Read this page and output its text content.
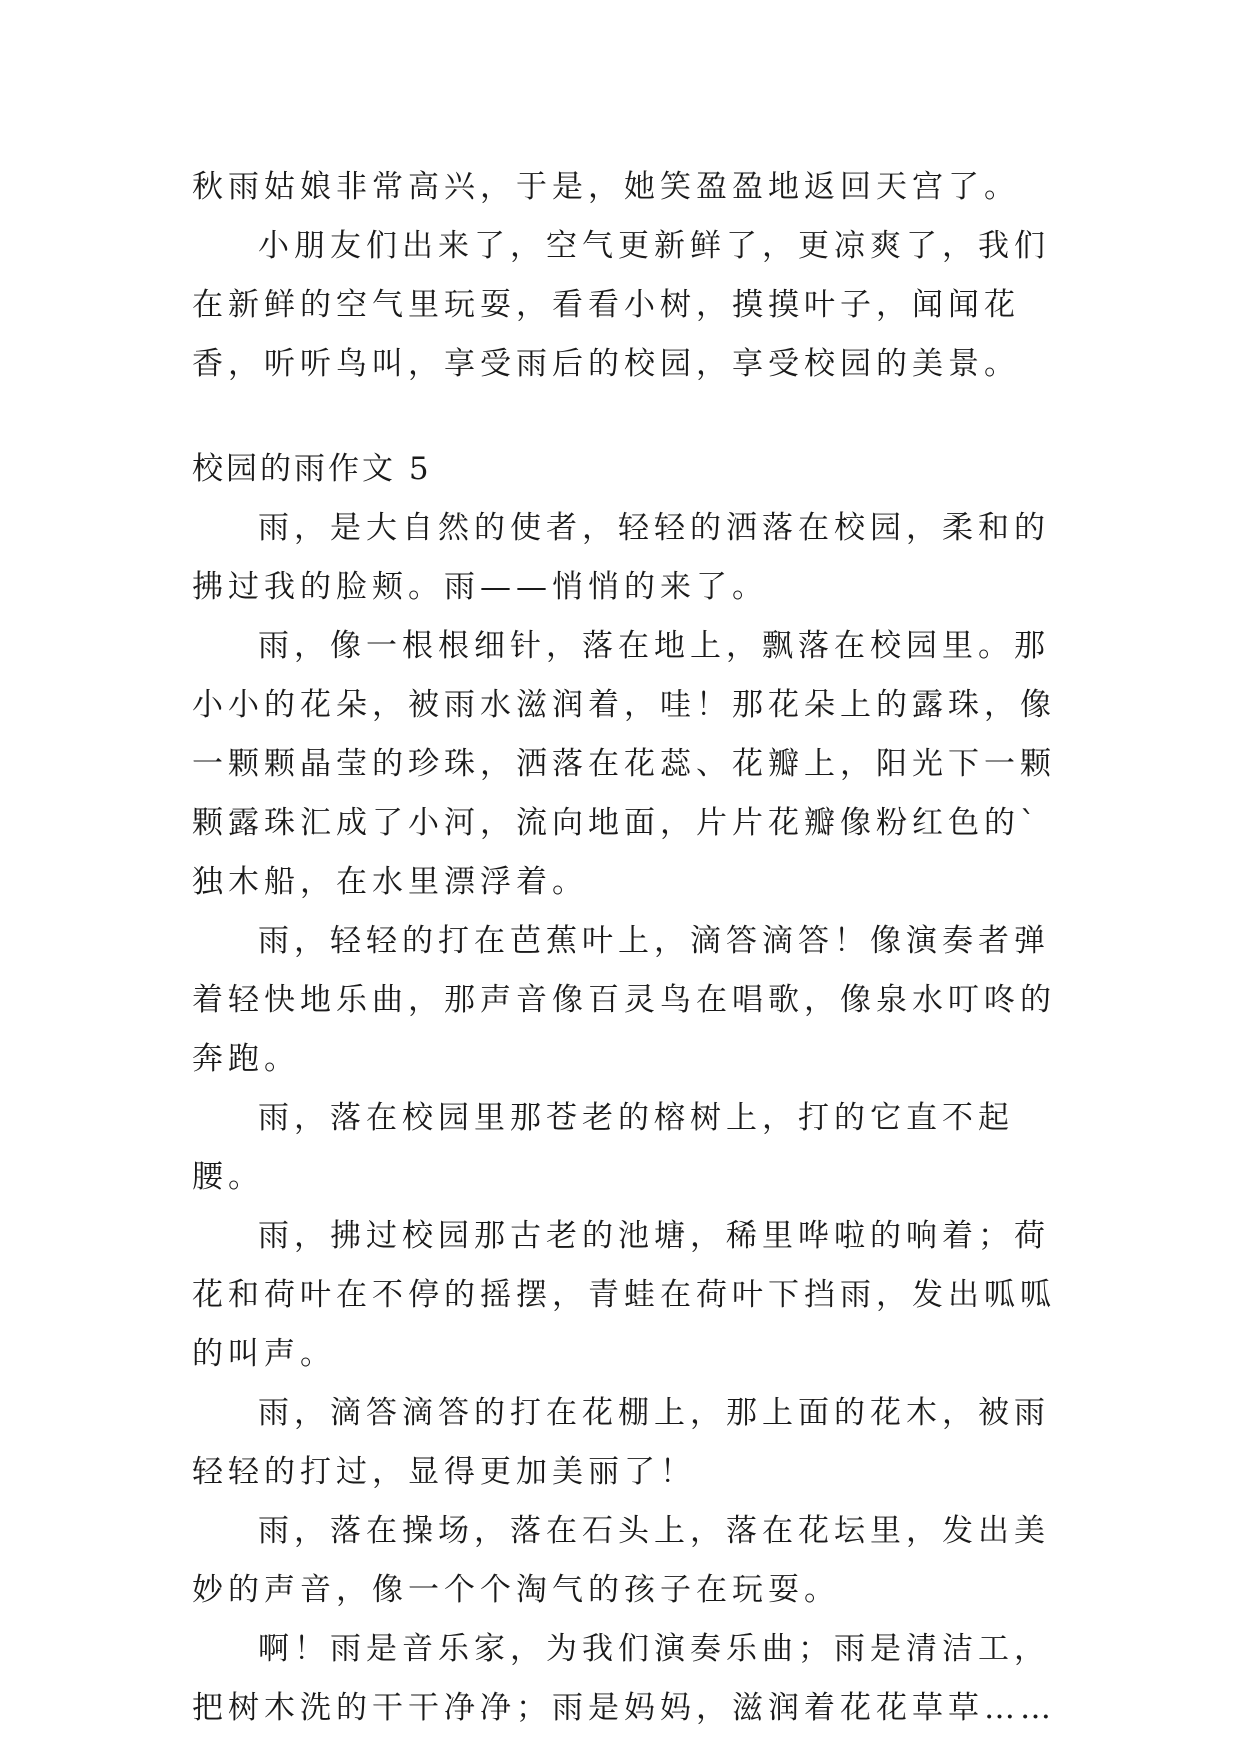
秋雨姑娘非常高兴，于是，她笑盈盈地返回天宫了。

小朋友们出来了，空气更新鲜了，更凉爽了，我们在新鲜的空气里玩耍，看看小树，摸摸叶子，闻闻花香，听听鸟叫，享受雨后的校园，享受校园的美景。

校园的雨作文 5

雨，是大自然的使者，轻轻的洒落在校园，柔和的拂过我的脸颊。雨——悄悄的来了。

雨，像一根根细针，落在地上，飘落在校园里。那小小的花朵，被雨水滋润着，哇！那花朵上的露珠，像一颗颗晶莹的珍珠，洒落在花蕊、花瓣上，阳光下一颗颗露珠汇成了小河，流向地面，片片花瓣像粉红色的`独木船，在水里漂浮着。

雨，轻轻的打在芭蕉叶上，滴答滴答！像演奏者弹着轻快地乐曲，那声音像百灵鸟在唱歌，像泉水叮咚的奔跑。

雨，落在校园里那苍老的榕树上，打的它直不起腰。

雨，拂过校园那古老的池塘，稀里哗啦的响着；荷花和荷叶在不停的摇摆，青蛙在荷叶下挡雨，发出呱呱的叫声。

雨，滴答滴答的打在花棚上，那上面的花木，被雨轻轻的打过，显得更加美丽了！

雨，落在操场，落在石头上，落在花坛里，发出美妙的声音，像一个个淘气的孩子在玩耍。

啊！雨是音乐家，为我们演奏乐曲；雨是清洁工，把树木洗的干干净净；雨是妈妈，滋润着花花草草……
